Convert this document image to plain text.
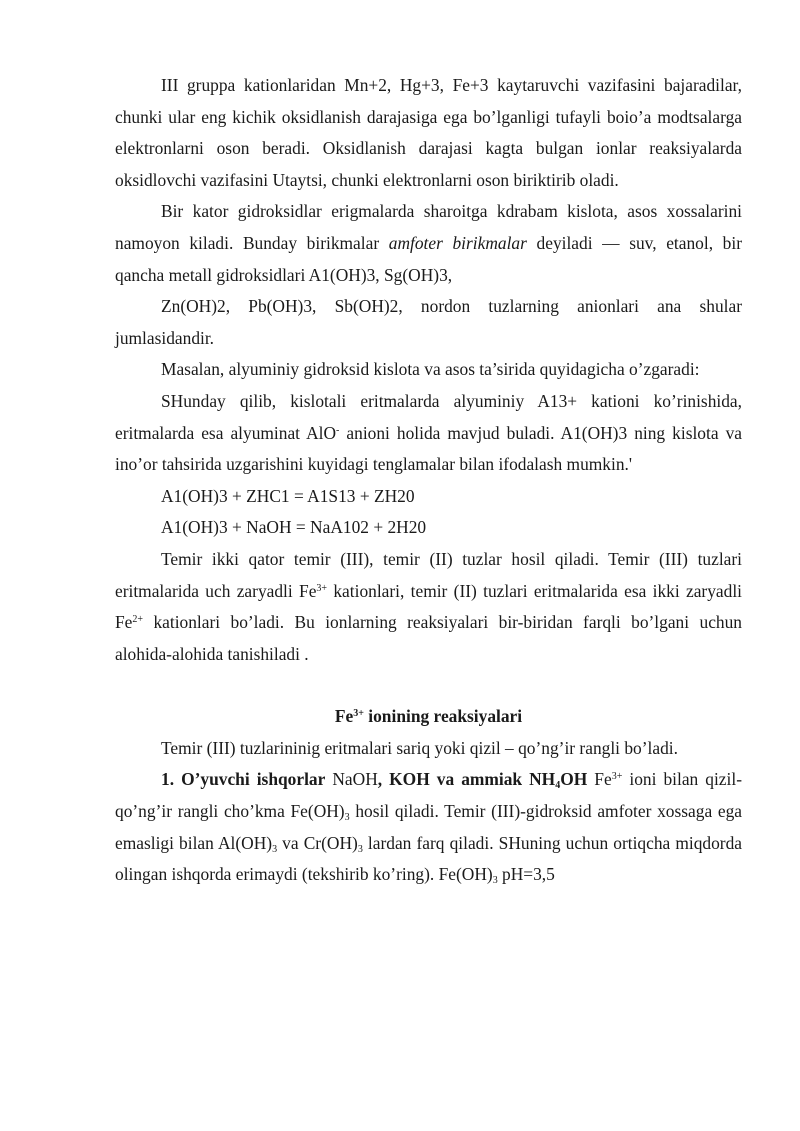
III gruppa kationlaridan Mn+2, Hg+3, Fe+3 kaytaruvchi vazifasini bajaradilar, chunki ular eng kichik oksidlanish darajasiga ega bo’lganligi tufayli boio’a modtsalarga elektronlarni oson beradi. Oksidlanish darajasi kagta bulgan ionlar reaksiyalarda oksidlovchi vazifasini Utaytsi, chunki elektronlarni oson biriktirib oladi.

Bir kator gidroksidlar erigmalarda sharoitga kdrabam kislota, asos xossalarini namoyon kiladi. Bunday birikmalar amfoter birikmalar deyiladi — suv, etanol, bir qancha metall gidroksidlari A1(OH)3, Sg(OH)3,

Zn(OH)2, Pb(OH)3, Sb(OH)2, nordon tuzlarning anionlari ana shular jumlasidandir.

Masalan, alyuminiy gidroksid kislota va asos ta’sirida quyidagicha o’zgaradi:

SHunday qilib, kislotali eritmalarda alyuminiy A13+ kationi ko’rinishida, eritmalarda esa alyuminat AlO- anioni holida mavjud buladi. A1(OH)3 ning kislota va ino’or tahsirida uzgarishini kuyidagi tenglamalar bilan ifodalash mumkin.'

A1(OH)3 + ZHC1 = A1S13 + ZH20

A1(OH)3 + NaOH = NaA102 + 2H20

Temir ikki qator temir (III), temir (II) tuzlar hosil qiladi. Temir (III) tuzlari eritmalarida uch zaryadli $Fe^{3+}$ kationlari, temir (II) tuzlari eritmalarida esa ikki zaryadli $Fe^{2+}$ kationlari bo’ladi. Bu ionlarning reaksiyalari bir-biridan farqli bo’lgani uchun alohida-alohida tanishiladi .

$Fe^{3+}$ ionining reaksiyalari

Temir (III) tuzlarininig eritmalari sariq yoki qizil – qo’ng’ir rangli bo’ladi.

1. O’yuvchi ishqorlar NaOH, KOH va ammiak $NH_4OH$ $Fe^{3+}$ ioni bilan qizil-qo’ng’ir rangli cho’kma $Fe(OH)_3$ hosil qiladi. Temir (III)-gidroksid amfoter xossaga ega emasligi bilan $Al(OH)_3$ va $Cr(OH)_3$ lardan farq qiladi. SHuning uchun ortiqcha miqdorda olingan ishqorda erimaydi (tekshirib ko’ring). $Fe(OH)_3$ pH=3,5
